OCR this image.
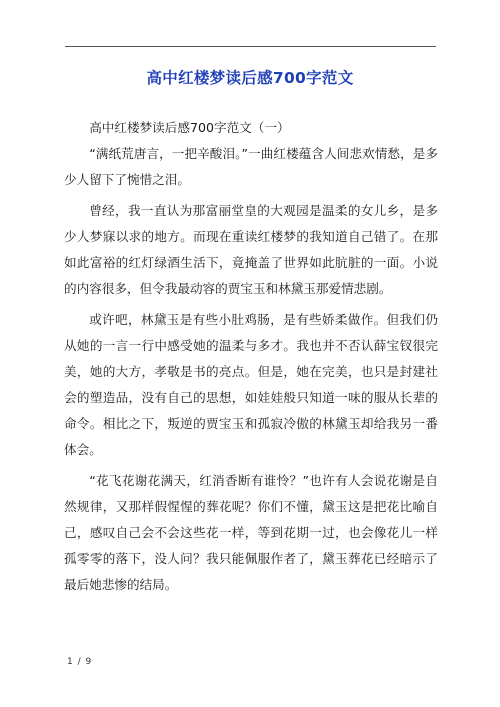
高中红楼梦读后感700字范文

高中红楼梦读后感700字范文（一）

“满纸荒唐言，一把辛酸泪。”一曲红楼蕴含人间悲欢情愁，是多少人留下了惋惜之泪。

曾经，我一直认为那富丽堂皇的大观园是温柔的女儿乡，是多少人梦寐以求的地方。而现在重读红楼梦的我知道自己错了。在那如此富裕的红灯绿酒生活下，竟掩盖了世界如此肮脏的一面。小说的内容很多，但令我最动容的贾宝玉和林黛玉那爱情悲剧。

或许吧，林黛玉是有些小肚鸡肠，是有些娇柔做作。但我们仍从她的一言一行中感受她的温柔与多才。我也并不否认薛宝钗很完美，她的大方，孝敬是书的亮点。但是，她在完美，也只是封建社会的塑造品，没有自己的思想，如娃娃般只知道一味的服从长辈的命令。相比之下，叛逆的贾宝玉和孤寂冷傲的林黛玉却给我另一番体会。

“花飞花谢花满天，红消香断有谁怜？”也许有人会说花谢是自然规律，又那样假惺惺的葬花呢？你们不懂，黛玉这是把花比喻自己，感叹自己会不会这些花一样，等到花期一过，也会像花儿一样孤零零的落下，没人问？我只能佩服作者了，黛玉葬花已经暗示了最后她悲惨的结局。

1 / 9
